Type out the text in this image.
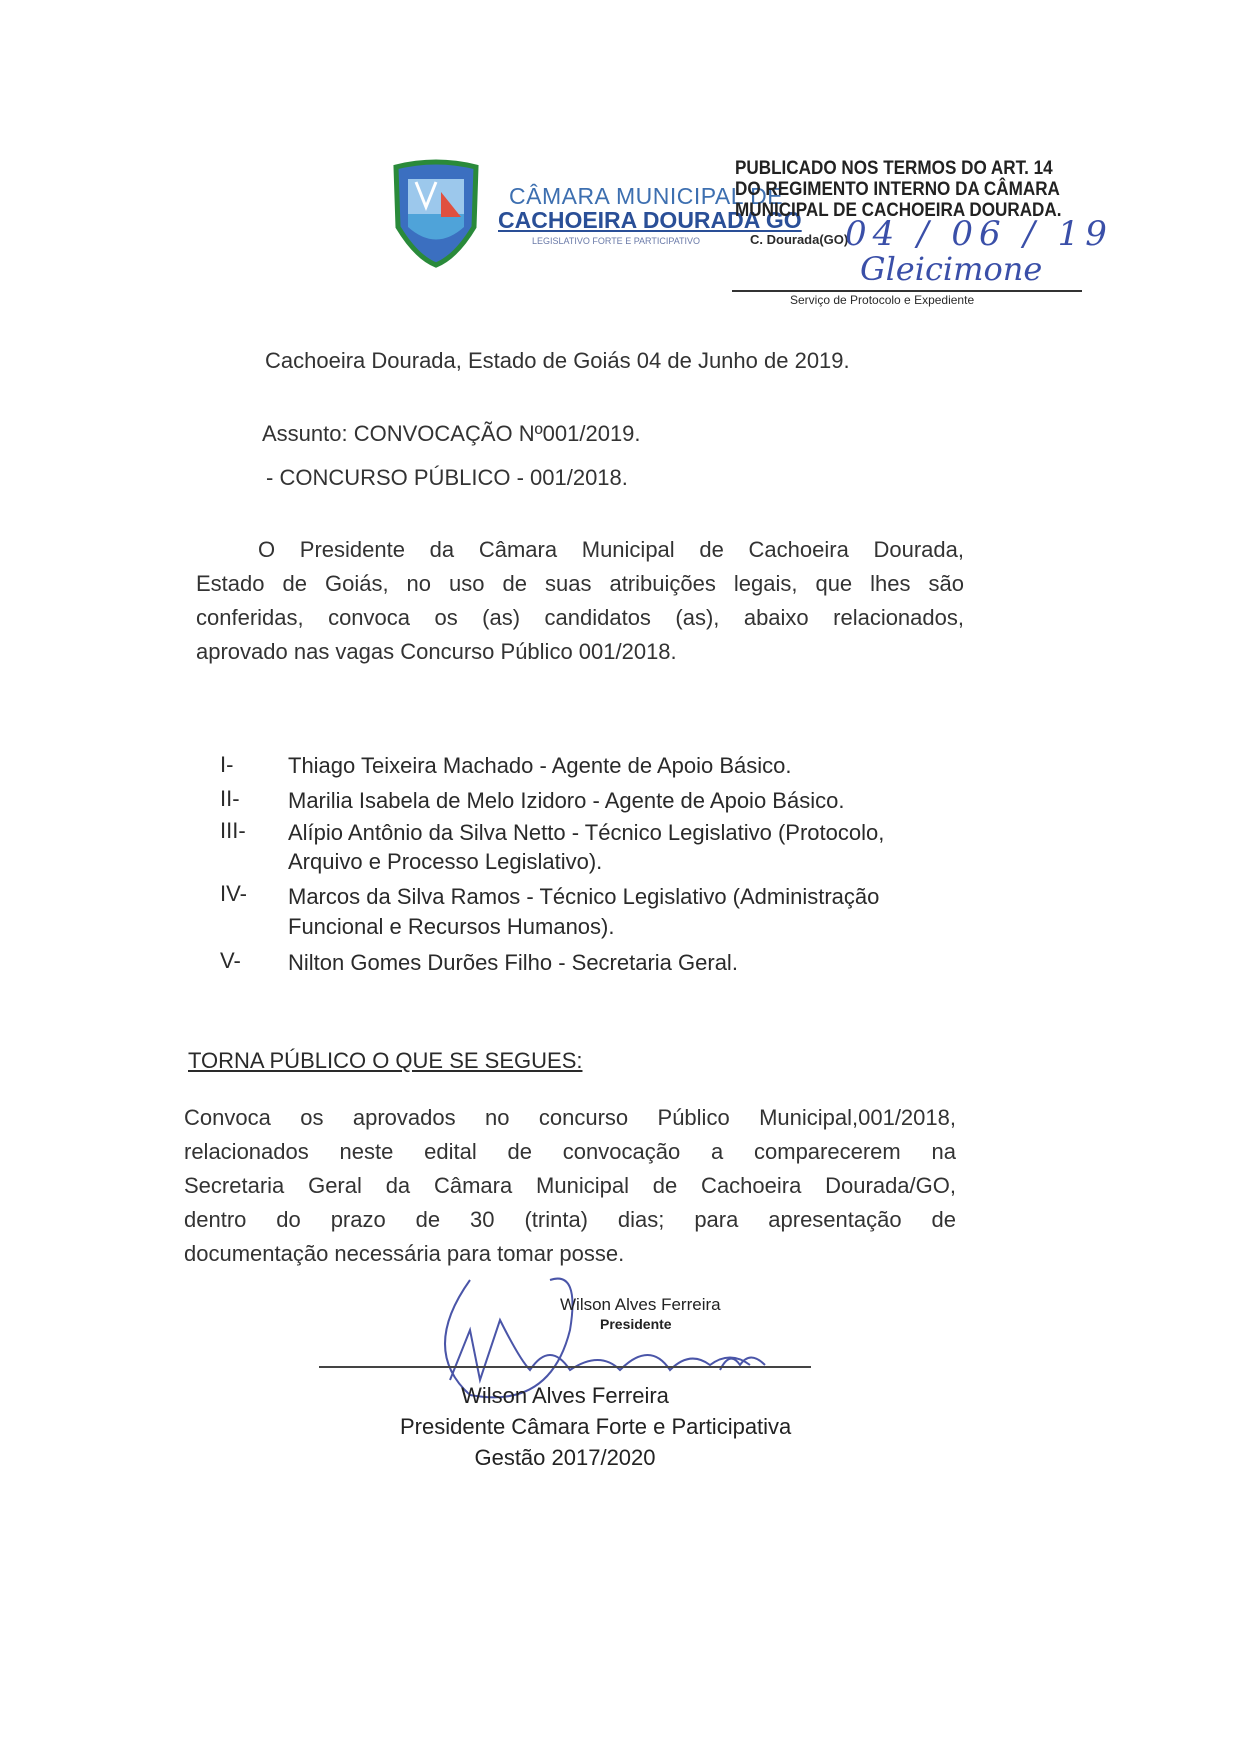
CÂMARA MUNICIPAL DE
CACHOEIRA DOURADA GO
LEGISLATIVO FORTE E PARTICIPATIVO
PUBLICADO NOS TERMOS DO ART. 14
DO REGIMENTO INTERNO DA CÂMARA
MUNICIPAL DE CACHOEIRA DOURADA.
C. Dourada(GO)
04 / 06 / 19
Gleicimone
Serviço de Protocolo e Expediente
Cachoeira Dourada, Estado de Goiás 04 de Junho de 2019.
Assunto: CONVOCAÇÃO Nº001/2019.
- CONCURSO PÚBLICO - 001/2018.
O Presidente da Câmara Municipal de Cachoeira Dourada,
Estado de Goiás, no uso de suas atribuições legais, que lhes são
conferidas, convoca os (as) candidatos (as), abaixo relacionados,
aprovado nas vagas Concurso Público 001/2018.
I- Thiago Teixeira Machado - Agente de Apoio Básico.
II- Marilia Isabela de Melo Izidoro - Agente de Apoio Básico.
III- Alípio Antônio da Silva Netto - Técnico Legislativo (Protocolo,
Arquivo e Processo Legislativo).
IV- Marcos da Silva Ramos - Técnico Legislativo (Administração
Funcional e Recursos Humanos).
V- Nilton Gomes Durões Filho - Secretaria Geral.
TORNA PÚBLICO O QUE SE SEGUES:
Convoca os aprovados no concurso Público Municipal,001/2018,
relacionados neste edital de convocação a comparecerem na
Secretaria Geral da Câmara Municipal de Cachoeira Dourada/GO,
dentro do prazo de 30 (trinta) dias; para apresentação de
documentação necessária para tomar posse.
Wilson Alves Ferreira
Presidente
Wilson Alves Ferreira
Presidente Câmara Forte e Participativa
Gestão 2017/2020
